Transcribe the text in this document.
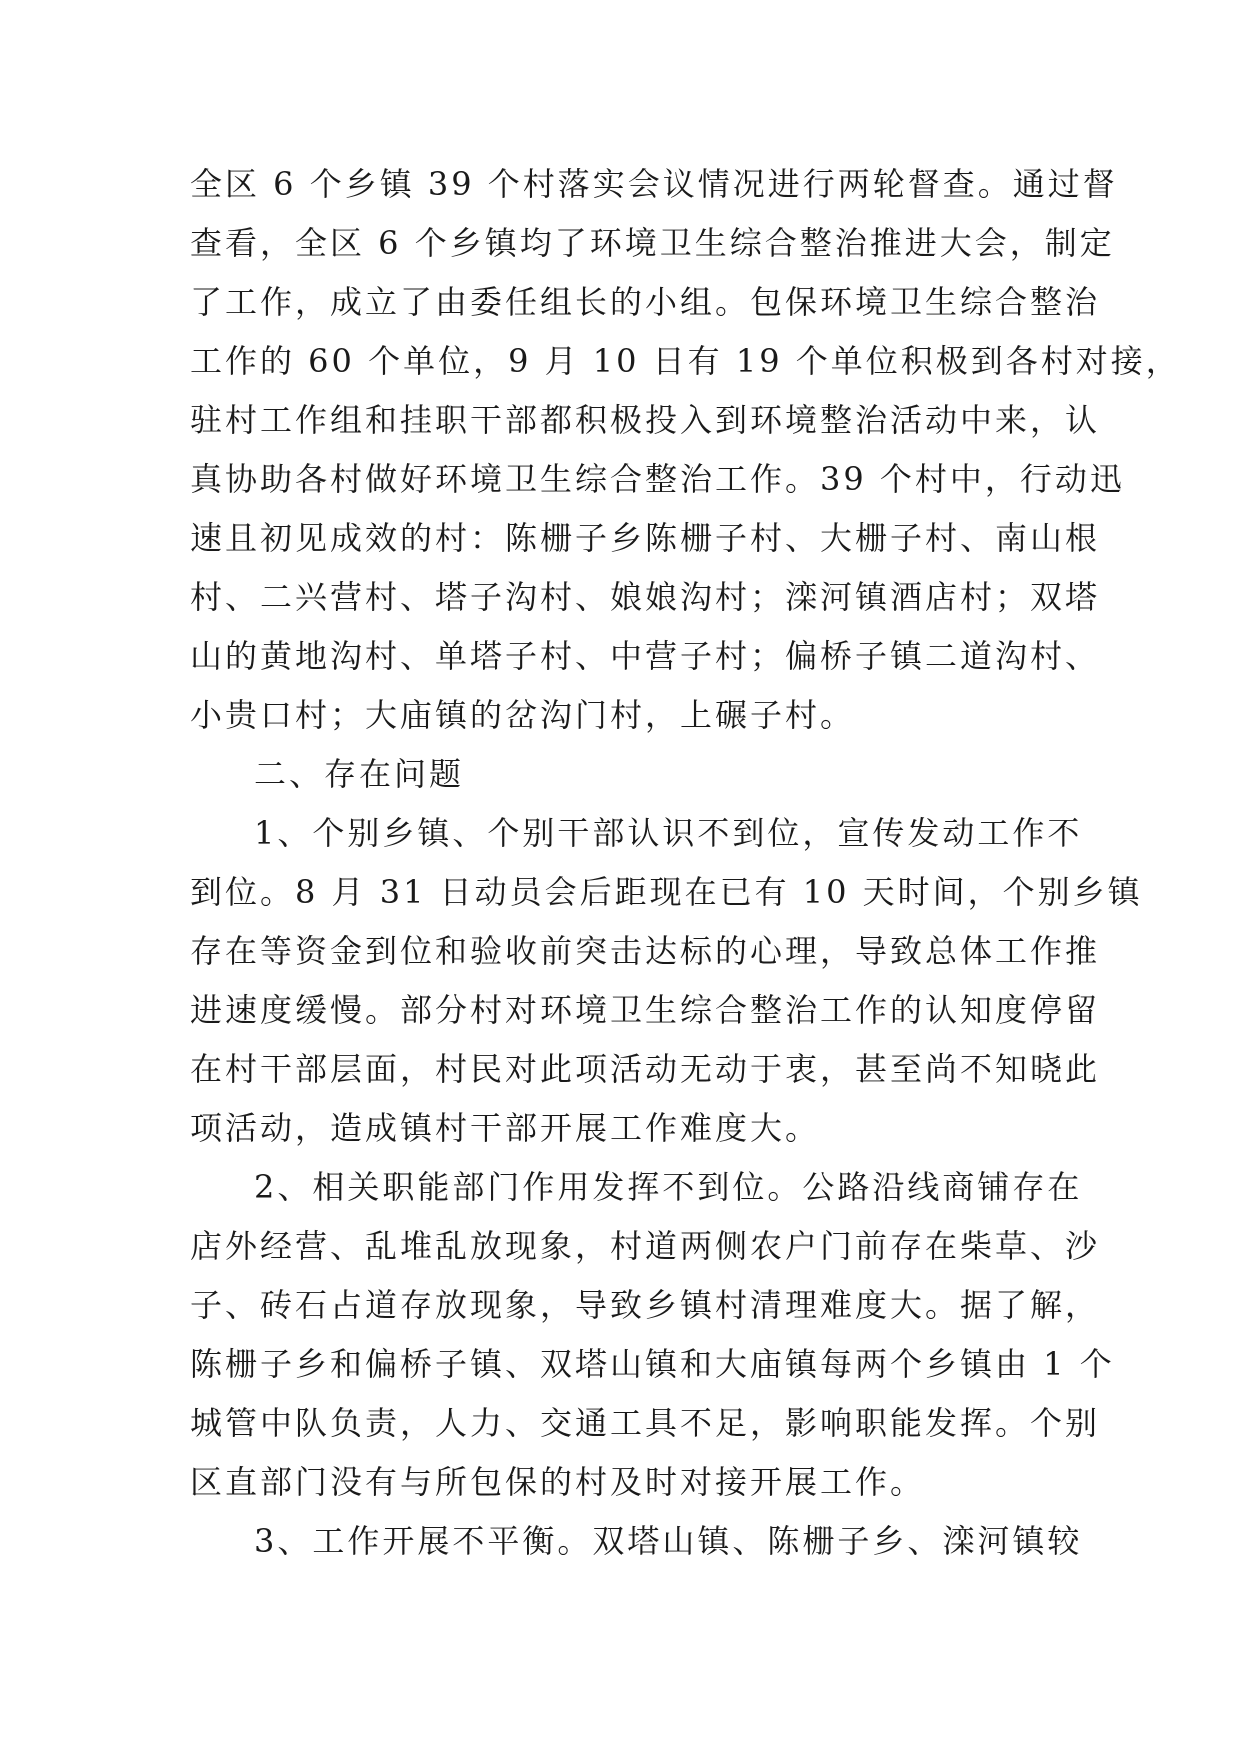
全区 6 个乡镇 39 个村落实会议情况进行两轮督查。通过督
查看，全区 6 个乡镇均了环境卫生综合整治推进大会，制定
了工作，成立了由委任组长的小组。包保环境卫生综合整治
工作的 60 个单位，9 月 10 日有 19 个单位积极到各村对接，
驻村工作组和挂职干部都积极投入到环境整治活动中来，认
真协助各村做好环境卫生综合整治工作。39 个村中，行动迅
速且初见成效的村：陈栅子乡陈栅子村、大栅子村、南山根
村、二兴营村、塔子沟村、娘娘沟村；滦河镇酒店村；双塔
山的黄地沟村、单塔子村、中营子村；偏桥子镇二道沟村、
小贵口村；大庙镇的岔沟门村，上碾子村。
二、存在问题
1、个别乡镇、个别干部认识不到位，宣传发动工作不
到位。8 月 31 日动员会后距现在已有 10 天时间，个别乡镇
存在等资金到位和验收前突击达标的心理，导致总体工作推
进速度缓慢。部分村对环境卫生综合整治工作的认知度停留
在村干部层面，村民对此项活动无动于衷，甚至尚不知晓此
项活动，造成镇村干部开展工作难度大。
2、相关职能部门作用发挥不到位。公路沿线商铺存在
店外经营、乱堆乱放现象，村道两侧农户门前存在柴草、沙
子、砖石占道存放现象，导致乡镇村清理难度大。据了解，
陈栅子乡和偏桥子镇、双塔山镇和大庙镇每两个乡镇由 1 个
城管中队负责，人力、交通工具不足，影响职能发挥。个别
区直部门没有与所包保的村及时对接开展工作。
3、工作开展不平衡。双塔山镇、陈栅子乡、滦河镇较
